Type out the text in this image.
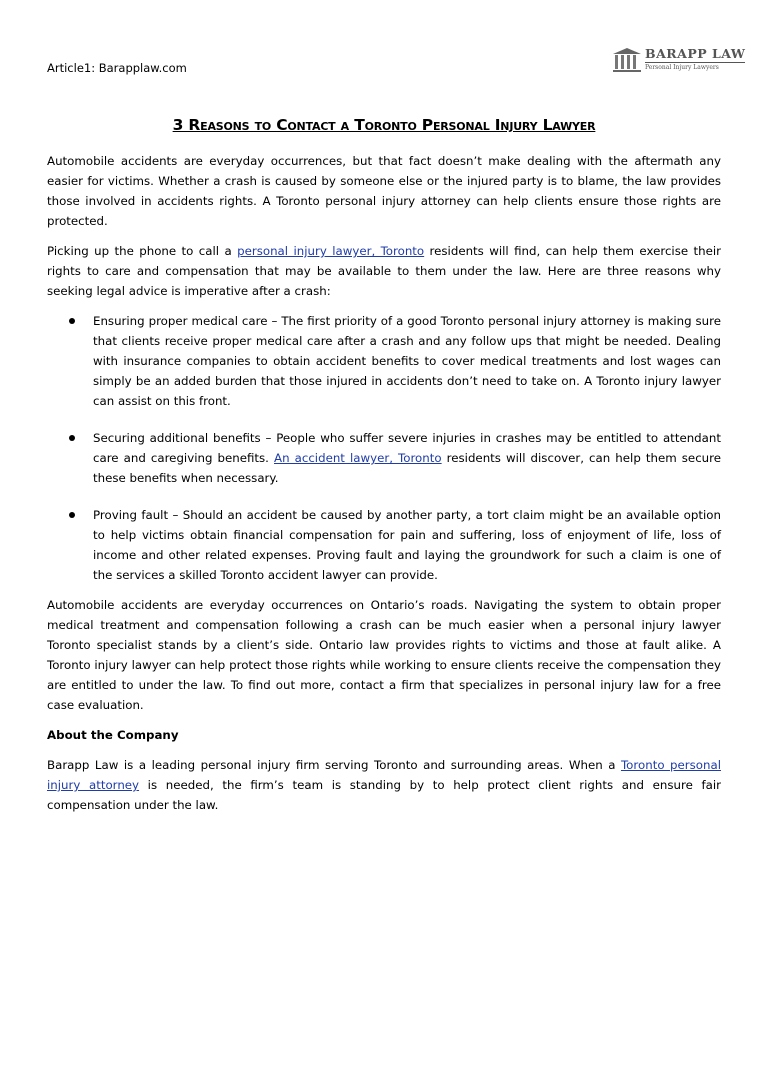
Article1: Barapplaw.com
BARAPP LAW
Personal Injury Lawyers
3 Reasons to Contact a Toronto Personal Injury Lawyer

Automobile accidents are everyday occurrences, but that fact doesn’t make dealing with the aftermath any easier for victims. Whether a crash is caused by someone else or the injured party is to blame, the law provides those involved in accidents rights. A Toronto personal injury attorney can help clients ensure those rights are protected.

Picking up the phone to call a personal injury lawyer, Toronto residents will find, can help them exercise their rights to care and compensation that may be available to them under the law. Here are three reasons why seeking legal advice is imperative after a crash:

Ensuring proper medical care – The first priority of a good Toronto personal injury attorney is making sure that clients receive proper medical care after a crash and any follow ups that might be needed. Dealing with insurance companies to obtain accident benefits to cover medical treatments and lost wages can simply be an added burden that those injured in accidents don’t need to take on. A Toronto injury lawyer can assist on this front.
Securing additional benefits – People who suffer severe injuries in crashes may be entitled to attendant care and caregiving benefits. An accident lawyer, Toronto residents will discover, can help them secure these benefits when necessary.
Proving fault – Should an accident be caused by another party, a tort claim might be an available option to help victims obtain financial compensation for pain and suffering, loss of enjoyment of life, loss of income and other related expenses. Proving fault and laying the groundwork for such a claim is one of the services a skilled Toronto accident lawyer can provide.

Automobile accidents are everyday occurrences on Ontario’s roads. Navigating the system to obtain proper medical treatment and compensation following a crash can be much easier when a personal injury lawyer Toronto specialist stands by a client’s side. Ontario law provides rights to victims and those at fault alike. A Toronto injury lawyer can help protect those rights while working to ensure clients receive the compensation they are entitled to under the law. To find out more, contact a firm that specializes in personal injury law for a free case evaluation.

About the Company

Barapp Law is a leading personal injury firm serving Toronto and surrounding areas. When a Toronto personal injury attorney is needed, the firm’s team is standing by to help protect client rights and ensure fair compensation under the law.
